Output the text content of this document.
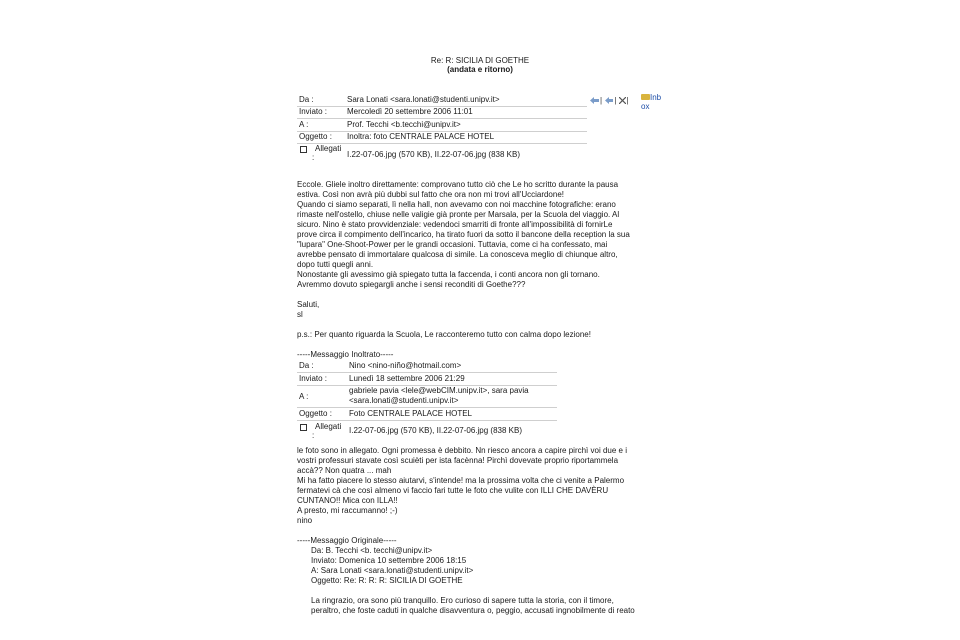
Re: R: SICILIA DI GOETHE
(andata e ritorno)
| | |	Inb
ox
Da :	Sara Lonati <sara.lonati@studenti.unipv.it>
Inviato : Mercoledì 20 settembre 2006 11:01
A :	Prof. Tecchi <b.tecchi@unipv.it>
Oggetto : Inoltra: foto CENTRALE PALACE HOTEL
Allegati
:	I.22-07-06.jpg (570 KB), II.22-07-06.jpg (838 KB)
Eccole. Gliele inoltro direttamente: comprovano tutto ciò che Le ho scritto durante la pausa
estiva. Così non avrà più dubbi sul fatto che ora non mi trovi all'Ucciardone!
Quando ci siamo separati, lì nella hall, non avevamo con noi macchine fotografiche: erano
rimaste nell'ostello, chiuse nelle valigie già pronte per Marsala, per la Scuola del viaggio. Al
sicuro. Nino è stato provvidenziale: vedendoci smarriti di fronte all'impossibilità di fornirLe
prove circa il compimento dell'incarico, ha tirato fuori da sotto il bancone della reception la sua
"lupara" One-Shoot-Power per le grandi occasioni. Tuttavia, come ci ha confessato, mai
avrebbe pensato di immortalare qualcosa di simile. La conosceva meglio di chiunque altro,
dopo tutti quegli anni.
Nonostante gli avessimo già spiegato tutta la faccenda, i conti ancora non gli tornano.
Avremmo dovuto spiegargli anche i sensi reconditi di Goethe???
Saluti,
sl
p.s.: Per quanto riguarda la Scuola, Le racconteremo tutto con calma dopo lezione!
-----Messaggio Inoltrato-----
Da :	Nino <nino-niño@hotmail.com>
Inviato :	Lunedì 18 settembre 2006 21:29
A :
gabriele pavia <lele@webCIM.unipv.it>, sara pavia
<sara.lonati@studenti.unipv.it>
Oggetto : Foto CENTRALE PALACE HOTEL
Allegati
:
I.22-07-06.jpg (570 KB), II.22-07-06.jpg (838 KB)
le foto sono in allegato. Ogni promessa è debbito. Nn riesco ancora a capire pirchì voi due e i
vostri professuri stavate così scuièti per ista facènna! Pirchì dovevate proprio riportammela
accà?? Non quatra ... mah
Mi ha fatto piacere lo stesso aiutarvi, s'intende! ma la prossima volta che ci venite a Palermo
fermatevi cà che così almeno vi faccio fari tutte le foto che vulite con ILLI CHE DAVÈRU
CUNTANO!! Mica con ILLA!!
A presto, mi raccumanno! ;-)
nino
-----Messaggio Originale-----
Da: B. Tecchi <b. tecchi@unipv.it>
Inviato: Domenica 10 settembre 2006 18:15
A: Sara Lonati <sara.lonati@studenti.unipv.it>
Oggetto: Re: R: R: R: SICILIA DI GOETHE
La ringrazio, ora sono più tranquillo. Ero curioso di sapere tutta la storia, con il timore,
peraltro, che foste caduti in qualche disavventura o, peggio, accusati ingnobilmente di reato
